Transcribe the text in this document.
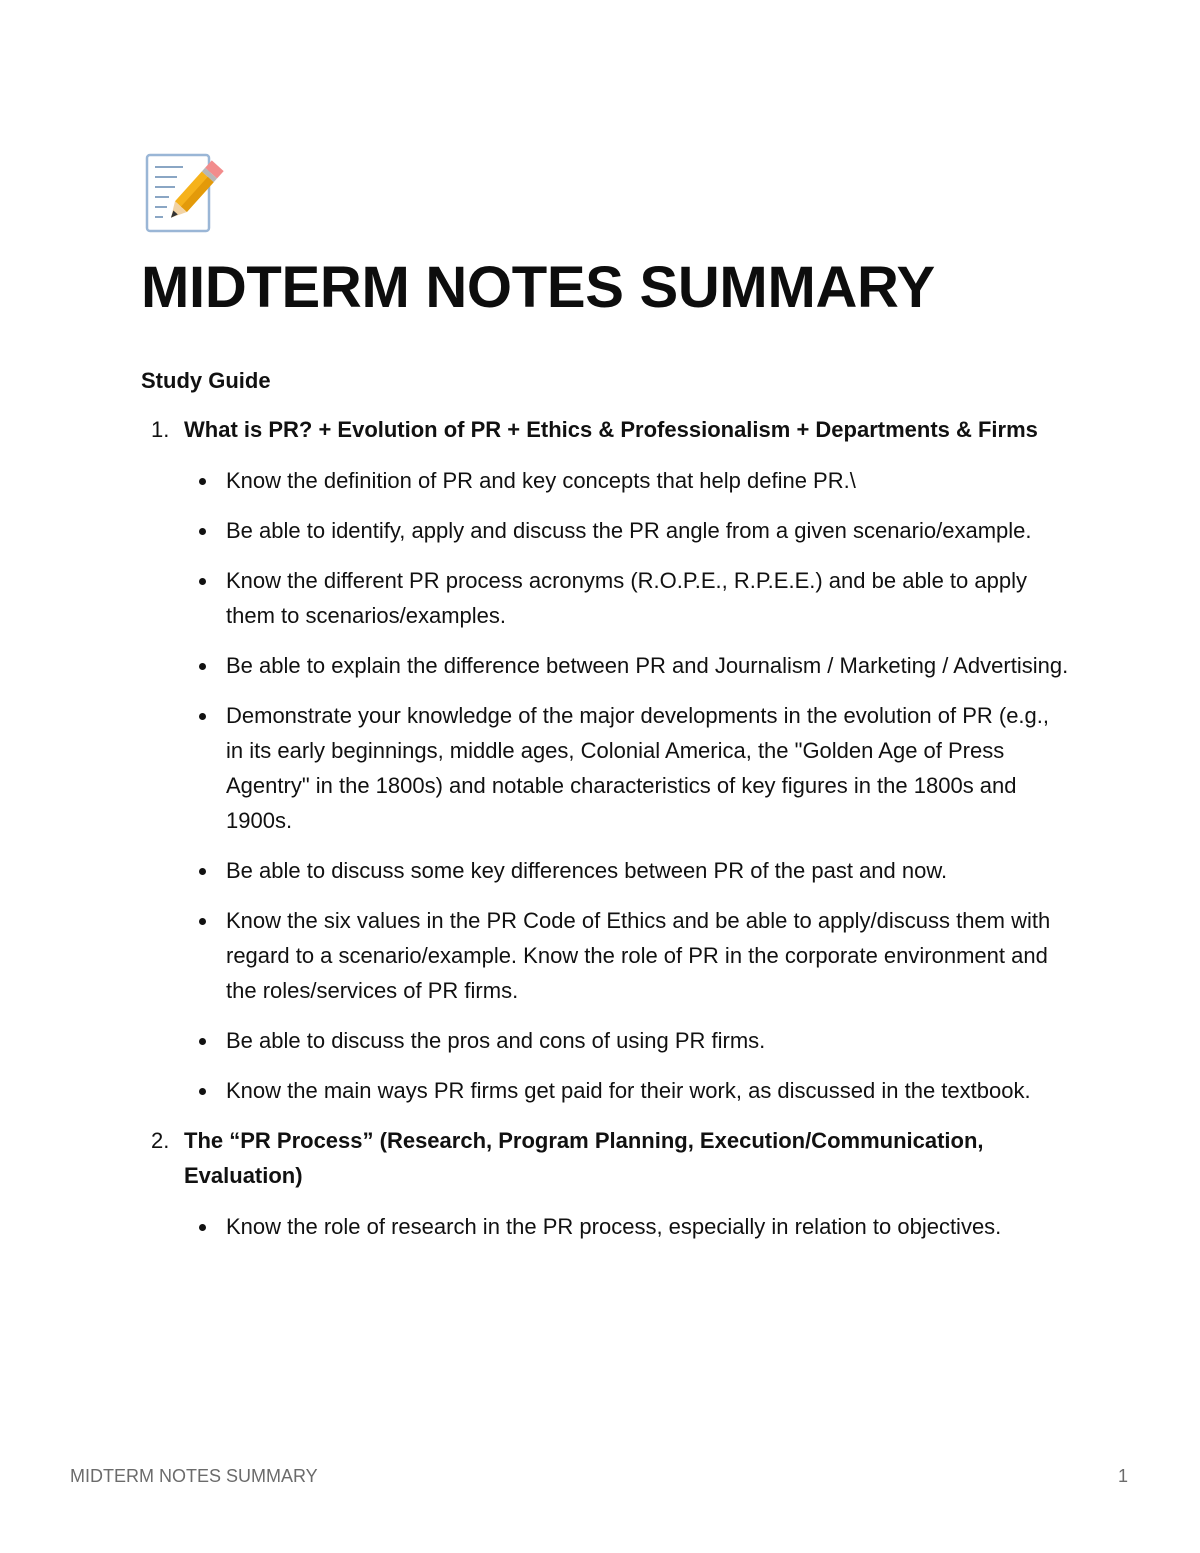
MIDTERM NOTES SUMMARY
Study Guide

1. What is PR? + Evolution of PR + Ethics & Professionalism + Departments & Firms

Know the definition of PR and key concepts that help define PR.\
Be able to identify, apply and discuss the PR angle from a given scenario/example.
Know the different PR process acronyms (R.O.P.E., R.P.E.E.) and be able to apply them to scenarios/examples.
Be able to explain the difference between PR and Journalism / Marketing / Advertising.
Demonstrate your knowledge of the major developments in the evolution of PR (e.g., in its early beginnings, middle ages, Colonial America, the "Golden Age of Press Agentry" in the 1800s) and notable characteristics of key figures in the 1800s and 1900s.
Be able to discuss some key differences between PR of the past and now.
Know the six values in the PR Code of Ethics and be able to apply/discuss them with regard to a scenario/example. Know the role of PR in the corporate environment and the roles/services of PR firms.
Be able to discuss the pros and cons of using PR firms.
Know the main ways PR firms get paid for their work, as discussed in the textbook.

2. The “PR Process” (Research, Program Planning, Execution/Communication, Evaluation)

Know the role of research in the PR process, especially in relation to objectives.
MIDTERM NOTES SUMMARY	1
